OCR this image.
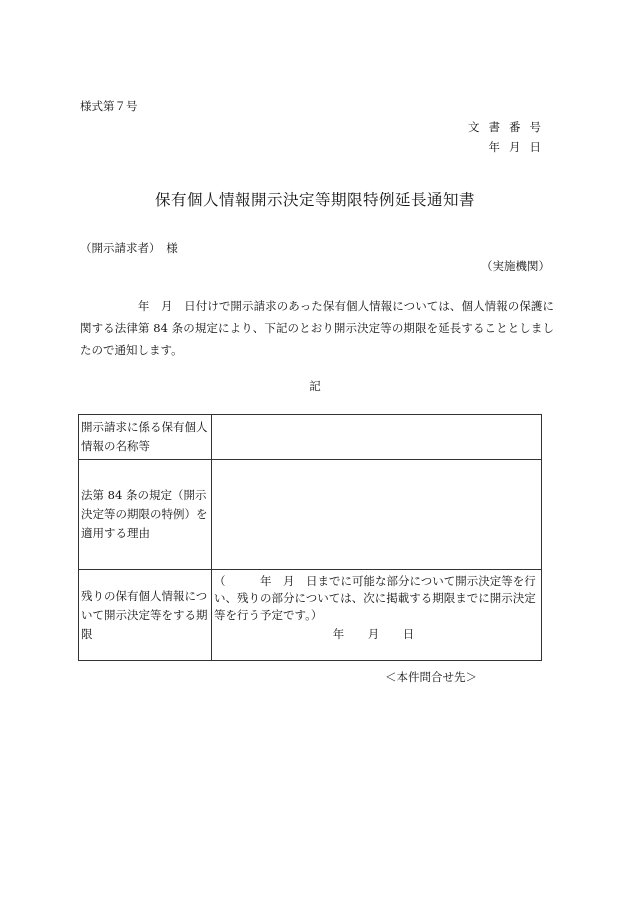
様式第７号
文書番号
年月日
保有個人情報開示決定等期限特例延長通知書
（開示請求者）　様
（実施機関）
　　　　　年　月　日付けで開示請求のあった保有個人情報については、個人情報の保護に関する法律第 84 条の規定により、下記のとおり開示決定等の期限を延長することとしましたので通知します。
記
開示請求に係る保有個人情報の名称等	
法第 84 条の規定（開示決定等の期限の特例）を適用する理由	
残りの保有個人情報について開示決定等をする期限	（　　　年　月　日までに可能な部分について開示決定等を行い、残りの部分については、次に掲載する期限までに開示決定等を行う予定です。）
年　月　日
＜本件問合せ先＞
